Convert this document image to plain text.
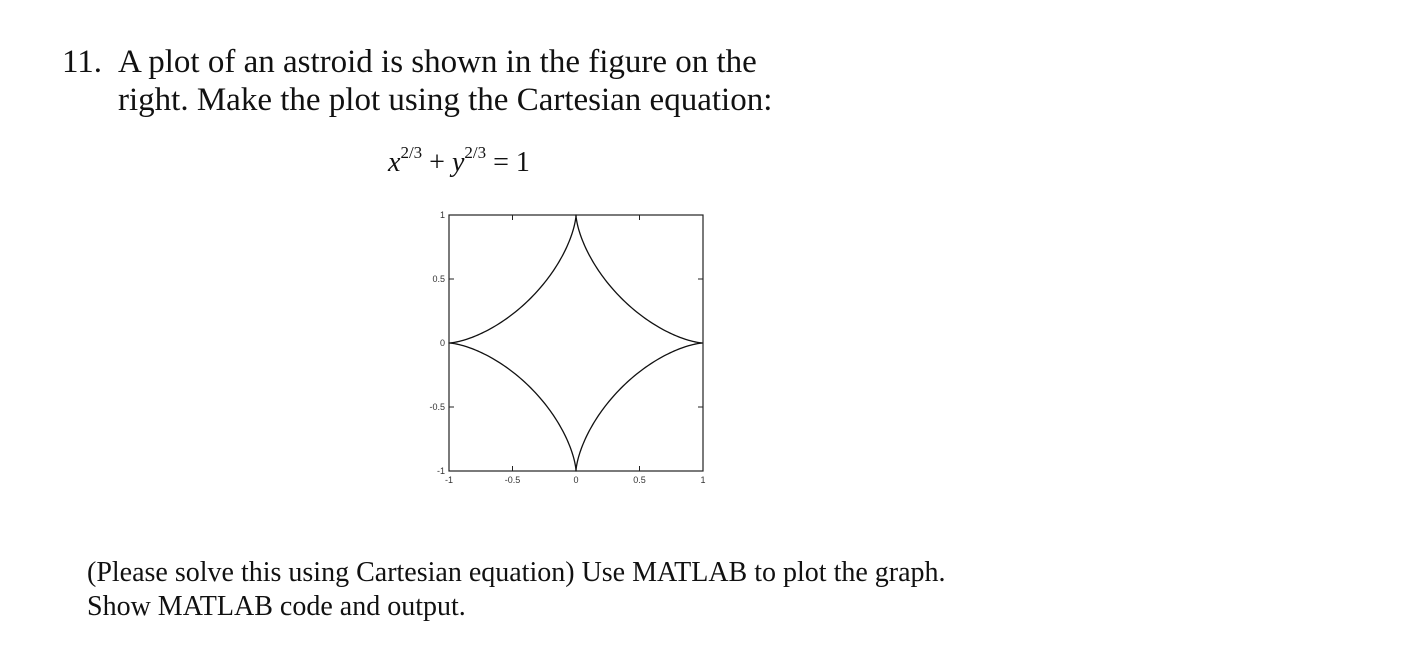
11. A plot of an astroid is shown in the figure on the
right. Make the plot using the Cartesian equation:
$x^{2/3} + y^{2/3} = 1$
-1	-0.5	0	0.5	1
-1
-0.5
0
0.5
1
(Please solve this using Cartesian equation) Use MATLAB to plot the graph.
Show MATLAB code and output.
